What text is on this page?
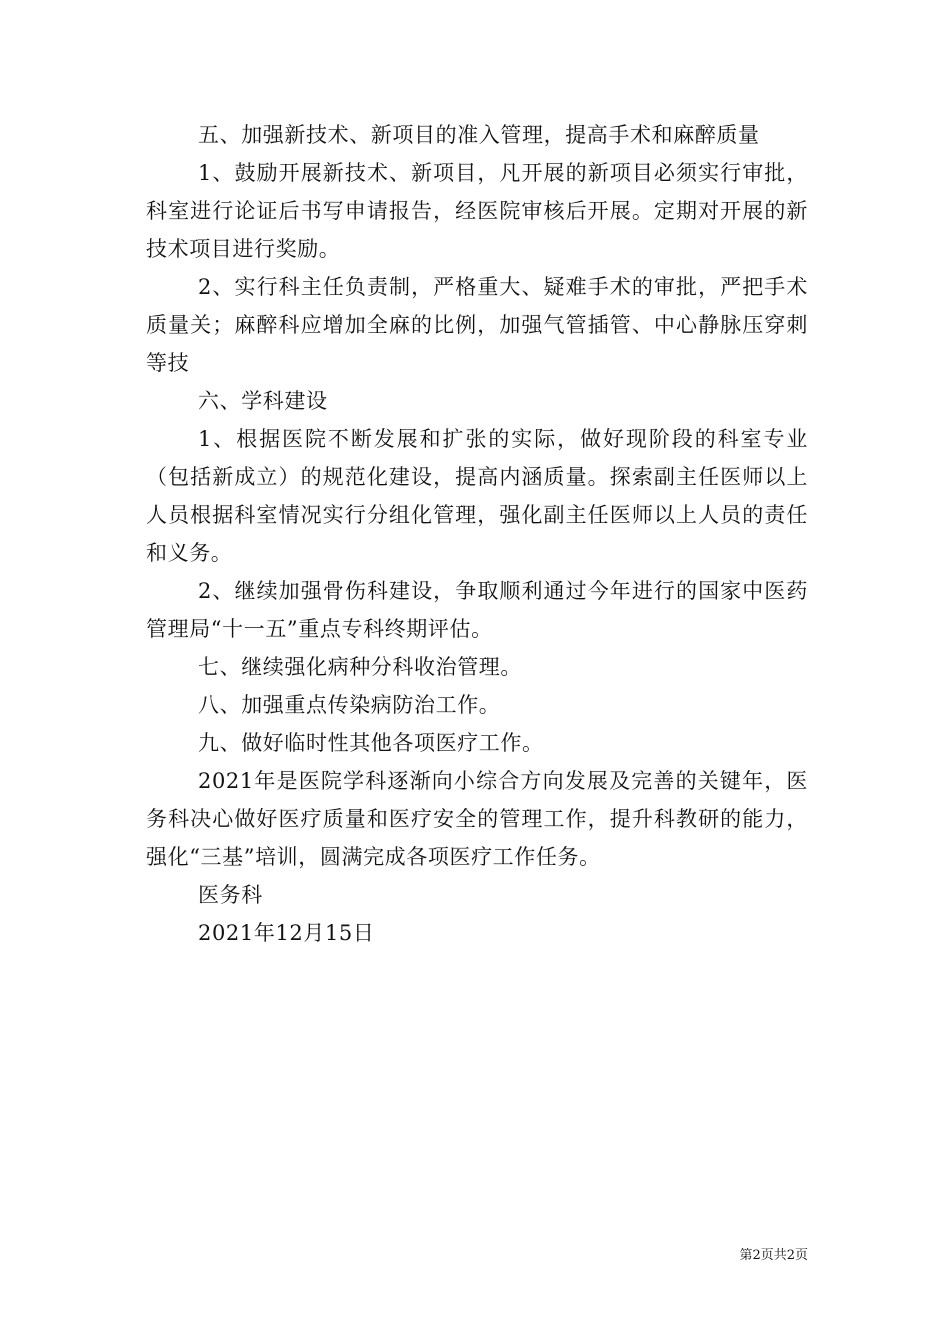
五、加强新技术、新项目的准入管理，提高手术和麻醉质量

1、鼓励开展新技术、新项目，凡开展的新项目必须实行审批，科室进行论证后书写申请报告，经医院审核后开展。定期对开展的新技术项目进行奖励。

2、实行科主任负责制，严格重大、疑难手术的审批，严把手术质量关；麻醉科应增加全麻的比例，加强气管插管、中心静脉压穿刺等技

六、学科建设

1、根据医院不断发展和扩张的实际，做好现阶段的科室专业（包括新成立）的规范化建设，提高内涵质量。探索副主任医师以上人员根据科室情况实行分组化管理，强化副主任医师以上人员的责任和义务。

2、继续加强骨伤科建设，争取顺利通过今年进行的国家中医药管理局“十一五”重点专科终期评估。

七、继续强化病种分科收治管理。

八、加强重点传染病防治工作。

九、做好临时性其他各项医疗工作。

2021年是医院学科逐渐向小综合方向发展及完善的关键年，医务科决心做好医疗质量和医疗安全的管理工作，提升科教研的能力，强化“三基”培训，圆满完成各项医疗工作任务。

医务科

2021年12月15日

第2页共2页
